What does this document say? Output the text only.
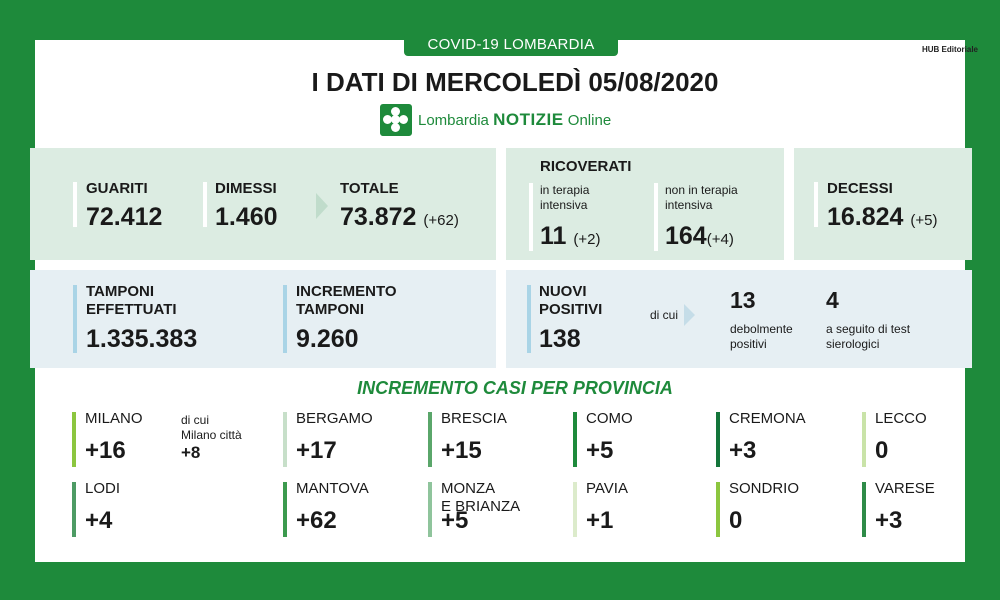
COVID-19 LOMBARDIA	HUB Editoriale
I DATI DI MERCOLEDÌ 05/08/2020
Lombardia NOTIZIE Online
GUARITI
72.412
DIMESSI
1.460
TOTALE
73.872 (+62)
RICOVERATI
in terapia
intensiva
11 (+2)
non in terapia
intensiva
164(+4)
DECESSI
16.824 (+5)
TAMPONI
EFFETTUATI
1.335.383
INCREMENTO
TAMPONI
9.260
NUOVI
POSITIVI
138
di cui
13
debolmente
positivi
4
a seguito di test
sierologici
INCREMENTO CASI PER PROVINCIA
MILANO
+16
BERGAMO
+17
BRESCIA
+15
COMO
+5
CREMONA
+3
LECCO
0
LODI
+4
MANTOVA
+62
MONZA
E BRIANZA
+5
PAVIA
+1
SONDRIO
0
VARESE
+3
di cui
Milano città
+8
